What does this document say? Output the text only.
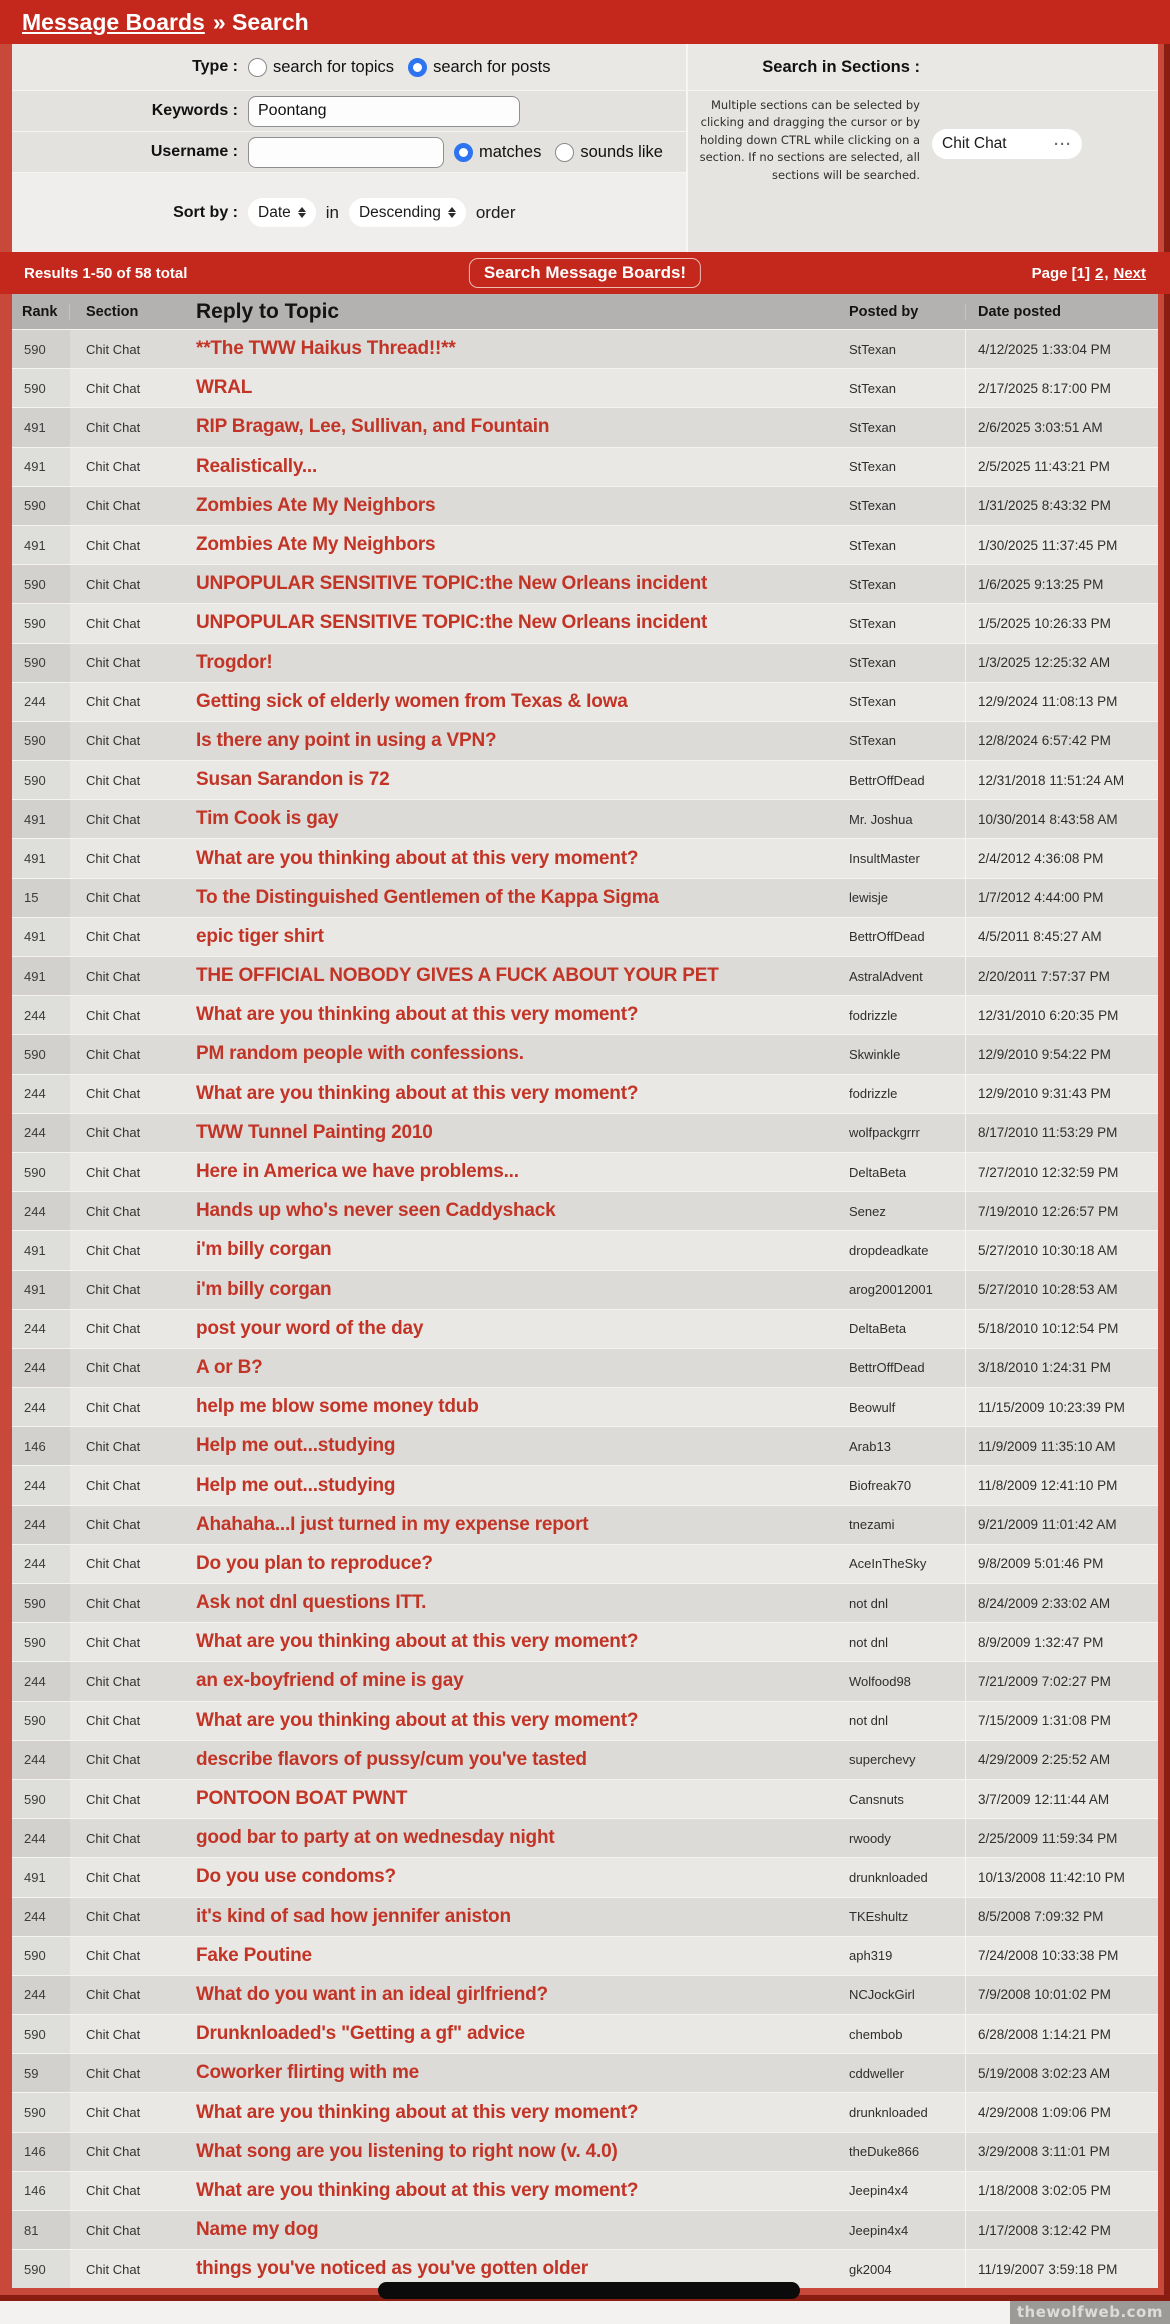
Message Boards » Search
Type :	search for topics search for posts
Keywords :
Poontang
Username :	matches sounds like
Sort by :	Date in Descending order
Search in Sections :
Multiple sections can be selected by clicking and dragging the cursor or by holding down CTRL while clicking on a section. If no sections are selected, all sections will be searched.
Chit Chat	···
Results 1-50 of 58 total	Search Message Boards!	Page [1] 2 , Next
Rank	Section	Reply to Topic	Posted by	Date posted
590	Chit Chat	**The TWW Haikus Thread!!**	StTexan	4/12/2025 1:33:04 PM
590	Chit Chat	WRAL	StTexan	2/17/2025 8:17:00 PM
491	Chit Chat	RIP Bragaw, Lee, Sullivan, and Fountain	StTexan	2/6/2025 3:03:51 AM
491	Chit Chat	Realistically...	StTexan	2/5/2025 11:43:21 PM
590	Chit Chat	Zombies Ate My Neighbors	StTexan	1/31/2025 8:43:32 PM
491	Chit Chat	Zombies Ate My Neighbors	StTexan	1/30/2025 11:37:45 PM
590	Chit Chat	UNPOPULAR SENSITIVE TOPIC:the New Orleans incident	StTexan	1/6/2025 9:13:25 PM
590	Chit Chat	UNPOPULAR SENSITIVE TOPIC:the New Orleans incident	StTexan	1/5/2025 10:26:33 PM
590	Chit Chat	Trogdor!	StTexan	1/3/2025 12:25:32 AM
244	Chit Chat	Getting sick of elderly women from Texas & Iowa	StTexan	12/9/2024 11:08:13 PM
590	Chit Chat	Is there any point in using a VPN?	StTexan	12/8/2024 6:57:42 PM
590	Chit Chat	Susan Sarandon is 72	BettrOffDead	12/31/2018 11:51:24 AM
491	Chit Chat	Tim Cook is gay	Mr. Joshua	10/30/2014 8:43:58 AM
491	Chit Chat	What are you thinking about at this very moment?	InsultMaster	2/4/2012 4:36:08 PM
15	Chit Chat	To the Distinguished Gentlemen of the Kappa Sigma	lewisje	1/7/2012 4:44:00 PM
491	Chit Chat	epic tiger shirt	BettrOffDead	4/5/2011 8:45:27 AM
491	Chit Chat	THE OFFICIAL NOBODY GIVES A FUCK ABOUT YOUR PET	AstralAdvent	2/20/2011 7:57:37 PM
244	Chit Chat	What are you thinking about at this very moment?	fodrizzle	12/31/2010 6:20:35 PM
590	Chit Chat	PM random people with confessions.	Skwinkle	12/9/2010 9:54:22 PM
244	Chit Chat	What are you thinking about at this very moment?	fodrizzle	12/9/2010 9:31:43 PM
244	Chit Chat	TWW Tunnel Painting 2010	wolfpackgrrr	8/17/2010 11:53:29 PM
590	Chit Chat	Here in America we have problems...	DeltaBeta	7/27/2010 12:32:59 PM
244	Chit Chat	Hands up who's never seen Caddyshack	Senez	7/19/2010 12:26:57 PM
491	Chit Chat	i'm billy corgan	dropdeadkate	5/27/2010 10:30:18 AM
491	Chit Chat	i'm billy corgan	arog20012001	5/27/2010 10:28:53 AM
244	Chit Chat	post your word of the day	DeltaBeta	5/18/2010 10:12:54 PM
244	Chit Chat	A or B?	BettrOffDead	3/18/2010 1:24:31 PM
244	Chit Chat	help me blow some money tdub	Beowulf	11/15/2009 10:23:39 PM
146	Chit Chat	Help me out...studying	Arab13	11/9/2009 11:35:10 AM
244	Chit Chat	Help me out...studying	Biofreak70	11/8/2009 12:41:10 PM
244	Chit Chat	Ahahaha...I just turned in my expense report	tnezami	9/21/2009 11:01:42 AM
244	Chit Chat	Do you plan to reproduce?	AceInTheSky	9/8/2009 5:01:46 PM
590	Chit Chat	Ask not dnl questions ITT.	not dnl	8/24/2009 2:33:02 AM
590	Chit Chat	What are you thinking about at this very moment?	not dnl	8/9/2009 1:32:47 PM
244	Chit Chat	an ex-boyfriend of mine is gay	Wolfood98	7/21/2009 7:02:27 PM
590	Chit Chat	What are you thinking about at this very moment?	not dnl	7/15/2009 1:31:08 PM
244	Chit Chat	describe flavors of pussy/cum you've tasted	superchevy	4/29/2009 2:25:52 AM
590	Chit Chat	PONTOON BOAT PWNT	Cansnuts	3/7/2009 12:11:44 AM
244	Chit Chat	good bar to party at on wednesday night	rwoody	2/25/2009 11:59:34 PM
491	Chit Chat	Do you use condoms?	drunknloaded	10/13/2008 11:42:10 PM
244	Chit Chat	it's kind of sad how jennifer aniston	TKEshultz	8/5/2008 7:09:32 PM
590	Chit Chat	Fake Poutine	aph319	7/24/2008 10:33:38 PM
244	Chit Chat	What do you want in an ideal girlfriend?	NCJockGirl	7/9/2008 10:01:02 PM
590	Chit Chat	Drunknloaded's "Getting a gf" advice	chembob	6/28/2008 1:14:21 PM
59	Chit Chat	Coworker flirting with me	cddweller	5/19/2008 3:02:23 AM
590	Chit Chat	What are you thinking about at this very moment?	drunknloaded	4/29/2008 1:09:06 PM
146	Chit Chat	What song are you listening to right now (v. 4.0)	theDuke866	3/29/2008 3:11:01 PM
146	Chit Chat	What are you thinking about at this very moment?	Jeepin4x4	1/18/2008 3:02:05 PM
81	Chit Chat	Name my dog	Jeepin4x4	1/17/2008 3:12:42 PM
590	Chit Chat	things you've noticed as you've gotten older	gk2004	11/19/2007 3:59:18 PM
thewolfweb.com
